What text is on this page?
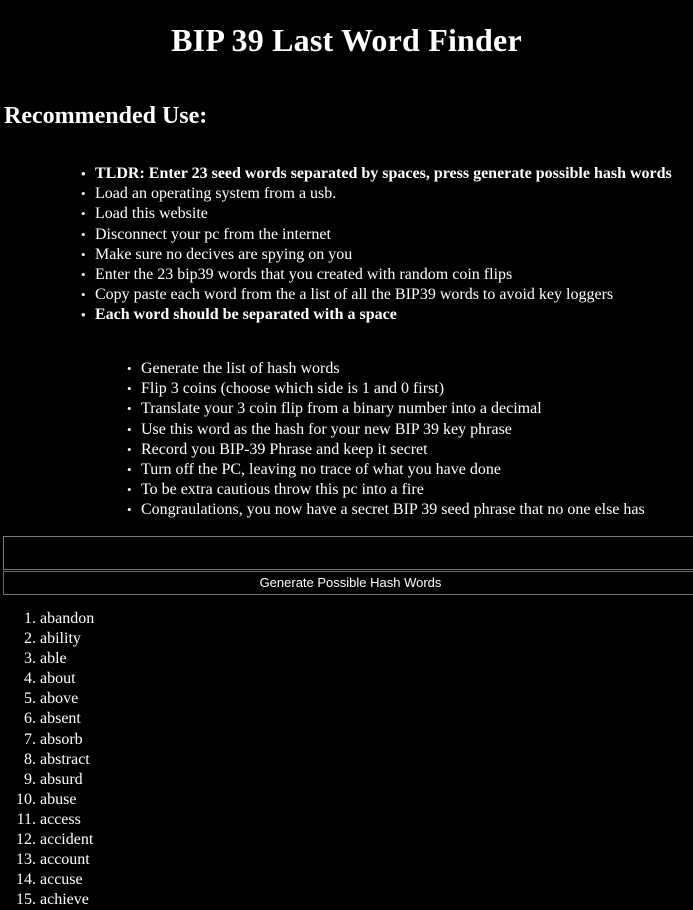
BIP 39 Last Word Finder
Recommended Use:
• TLDR: Enter 23 seed words separated by spaces, press generate possible hash words
• Load an operating system from a usb.
• Load this website
• Disconnect your pc from the internet
• Make sure no decives are spying on you
• Enter the 23 bip39 words that you created with random coin flips
• Copy paste each word from the a list of all the BIP39 words to avoid key loggers
• Each word should be separated with a space
• Generate the list of hash words
• Flip 3 coins (choose which side is 1 and 0 first)
• Translate your 3 coin flip from a binary number into a decimal
• Use this word as the hash for your new BIP 39 key phrase
• Record you BIP-39 Phrase and keep it secret
• Turn off the PC, leaving no trace of what you have done
• To be extra cautious throw this pc into a fire
• Congraulations, you now have a secret BIP 39 seed phrase that no one else has
Generate Possible Hash Words
1. abandon
2. ability
3. able
4. about
5. above
6. absent
7. absorb
8. abstract
9. absurd
10. abuse
11. access
12. accident
13. account
14. accuse
15. achieve
